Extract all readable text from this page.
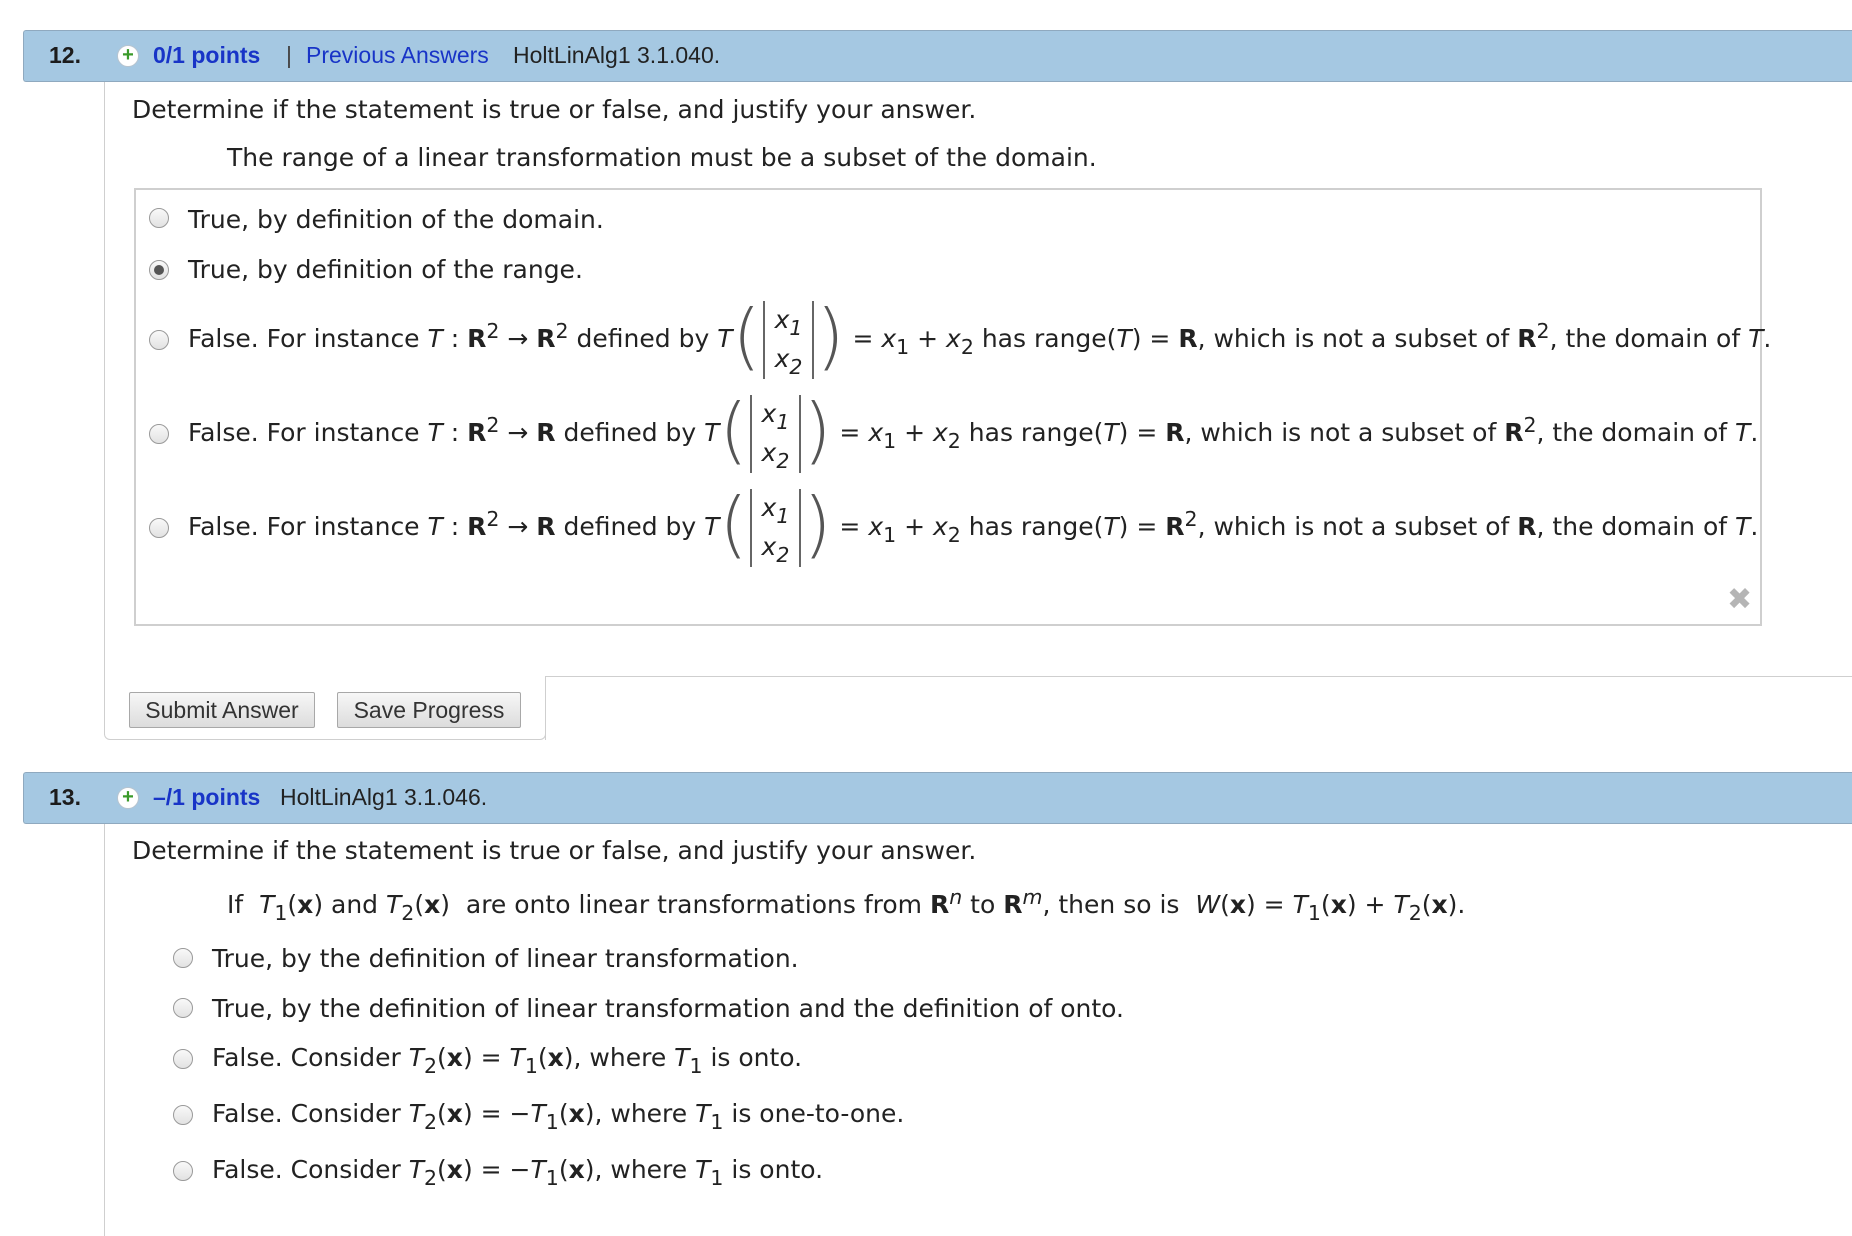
12. + 0/1 points | Previous Answers HoltLinAlg1 3.1.040.
Determine if the statement is true or false, and justify your answer.
The range of a linear transformation must be a subset of the domain.
True, by definition of the domain.
True, by definition of the range.
False. For instance T : $R^2 \to R^2$ defined by T( $x_1$
$x_2$ ) = $x_1 + x_2$ has range(T) = R, which is not a subset of $R^2$, the domain of T.
False. For instance T : $R^2 \to R$ defined by T( $x_1$
$x_2$ ) = $x_1 + x_2$ has range(T) = R, which is not a subset of $R^2$, the domain of T.
False. For instance T : $R^2 \to R$ defined by T( $x_1$
$x_2$ ) = $x_1 + x_2$ has range(T) = $R^2$, which is not a subset of R, the domain of T.
✖
Submit Answer	Save Progress
13. + –/1 points HoltLinAlg1 3.1.046.
Determine if the statement is true or false, and justify your answer.
If  $T_1(x)$ and $T_2(x)$  are onto linear transformations from $R^n$ to $R^m$, then so is  $W(x) = T_1(x) + T_2(x)$.
True, by the definition of linear transformation.
True, by the definition of linear transformation and the definition of onto.
False. Consider $T_2(x) = T_1(x)$, where $T_1$ is onto.
False. Consider $T_2(x) = -T_1(x)$, where $T_1$ is one-to-one.
False. Consider $T_2(x) = -T_1(x)$, where $T_1$ is onto.
